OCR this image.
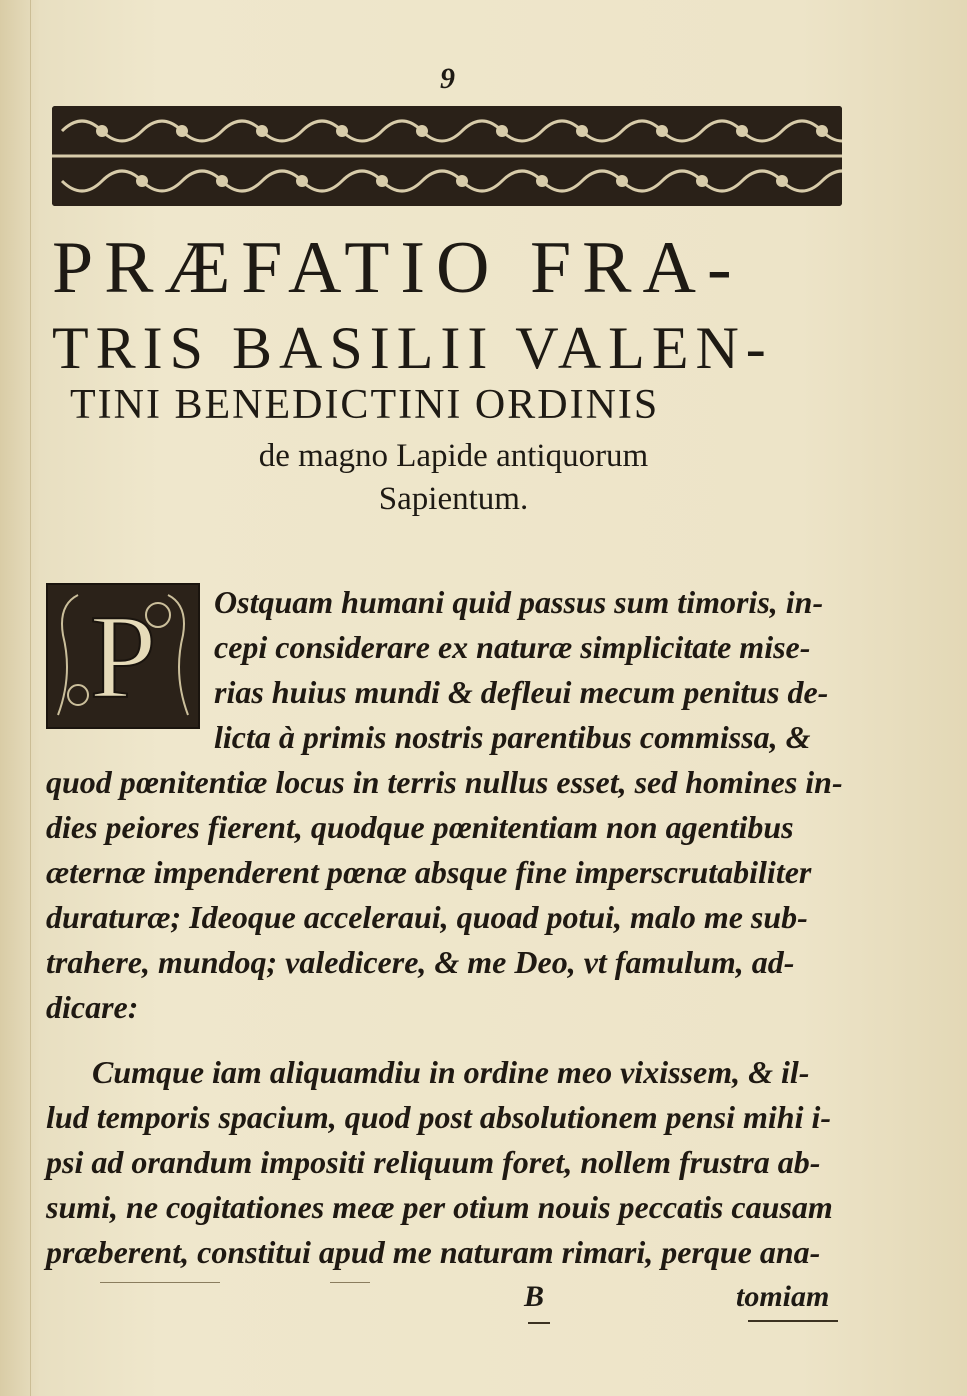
9
PRÆFATIO FRA-
TRIS BASILII VALEN-
TINI BENEDICTINI ORDINIS
de magno Lapide antiquorum
Sapientum.
P Ostquam humani quid passus sum timoris, in-
cepi considerare ex naturæ simplicitate mise-
rias huius mundi & defleui mecum penitus de-
licta à primis nostris parentibus commissa, &
quod pœnitentiæ locus in terris nullus esset, sed homines in-
dies peiores fierent, quodque pœnitentiam non agentibus
æternæ impenderent pœnæ absque fine imperscrutabiliter
duraturæ; Ideoque acceleraui, quoad potui, malo me sub-
trahere, mundoq; valedicere, & me Deo, vt famulum, ad-
dicare:
Cumque iam aliquamdiu in ordine meo vixissem, & il-
lud temporis spacium, quod post absolutionem pensi mihi i-
psi ad orandum impositi reliquum foret, nollem frustra ab-
sumi, ne cogitationes meæ per otium nouis peccatis causam
præberent, constitui apud me naturam rimari, perque ana-
B	tomiam
